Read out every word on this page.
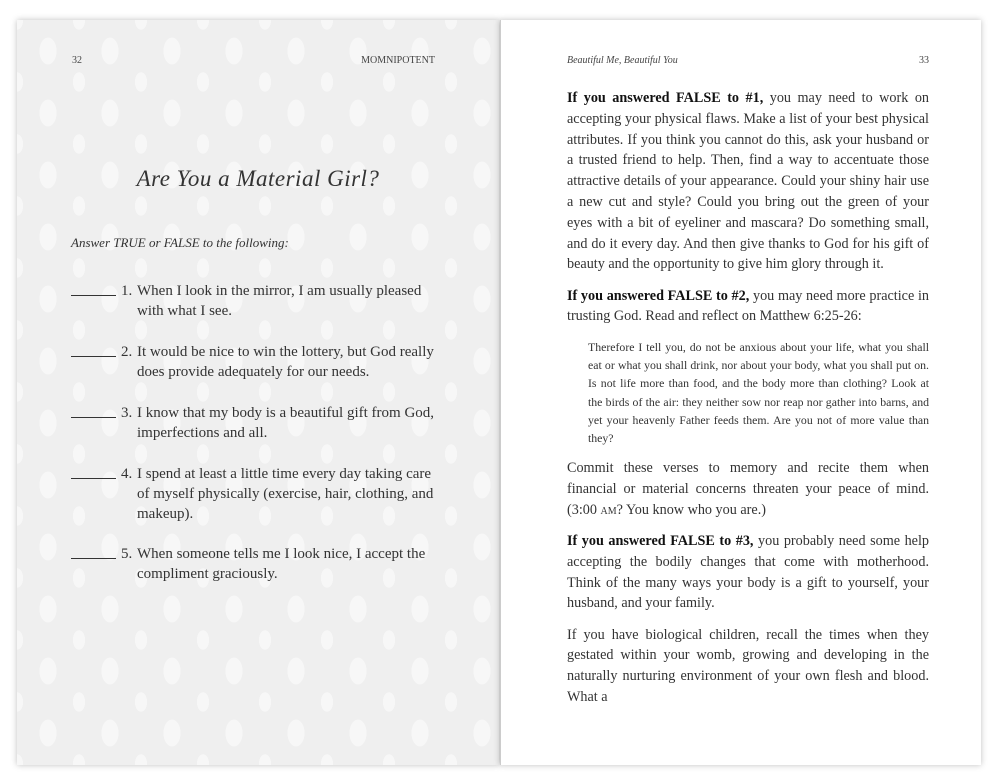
32	MOMNIPOTENT
Are You a Material Girl?
Answer TRUE or FALSE to the following:
1. When I look in the mirror, I am usually pleased with what I see.
2. It would be nice to win the lottery, but God really does provide adequately for our needs.
3. I know that my body is a beautiful gift from God, imperfections and all.
4. I spend at least a little time every day taking care of myself physically (exercise, hair, clothing, and makeup).
5. When someone tells me I look nice, I accept the compliment graciously.
Beautiful Me, Beautiful You	33

If you answered FALSE to #1, you may need to work on accepting your physical flaws. Make a list of your best physical attributes. If you think you cannot do this, ask your husband or a trusted friend to help. Then, find a way to accentuate those attractive details of your appearance. Could your shiny hair use a new cut and style? Could you bring out the green of your eyes with a bit of eyeliner and mascara? Do something small, and do it every day. And then give thanks to God for his gift of beauty and the opportunity to give him glory through it.

If you answered FALSE to #2, you may need more practice in trusting God. Read and reflect on Matthew 6:25-26:

Therefore I tell you, do not be anxious about your life, what you shall eat or what you shall drink, nor about your body, what you shall put on. Is not life more than food, and the body more than clothing? Look at the birds of the air: they neither sow nor reap nor gather into barns, and yet your heavenly Father feeds them. Are you not of more value than they?

Commit these verses to memory and recite them when financial or material concerns threaten your peace of mind. (3:00 am? You know who you are.)

If you answered FALSE to #3, you probably need some help accepting the bodily changes that come with motherhood. Think of the many ways your body is a gift to yourself, your husband, and your family.

If you have biological children, recall the times when they gestated within your womb, growing and developing in the naturally nurturing environment of your own flesh and blood. What a
